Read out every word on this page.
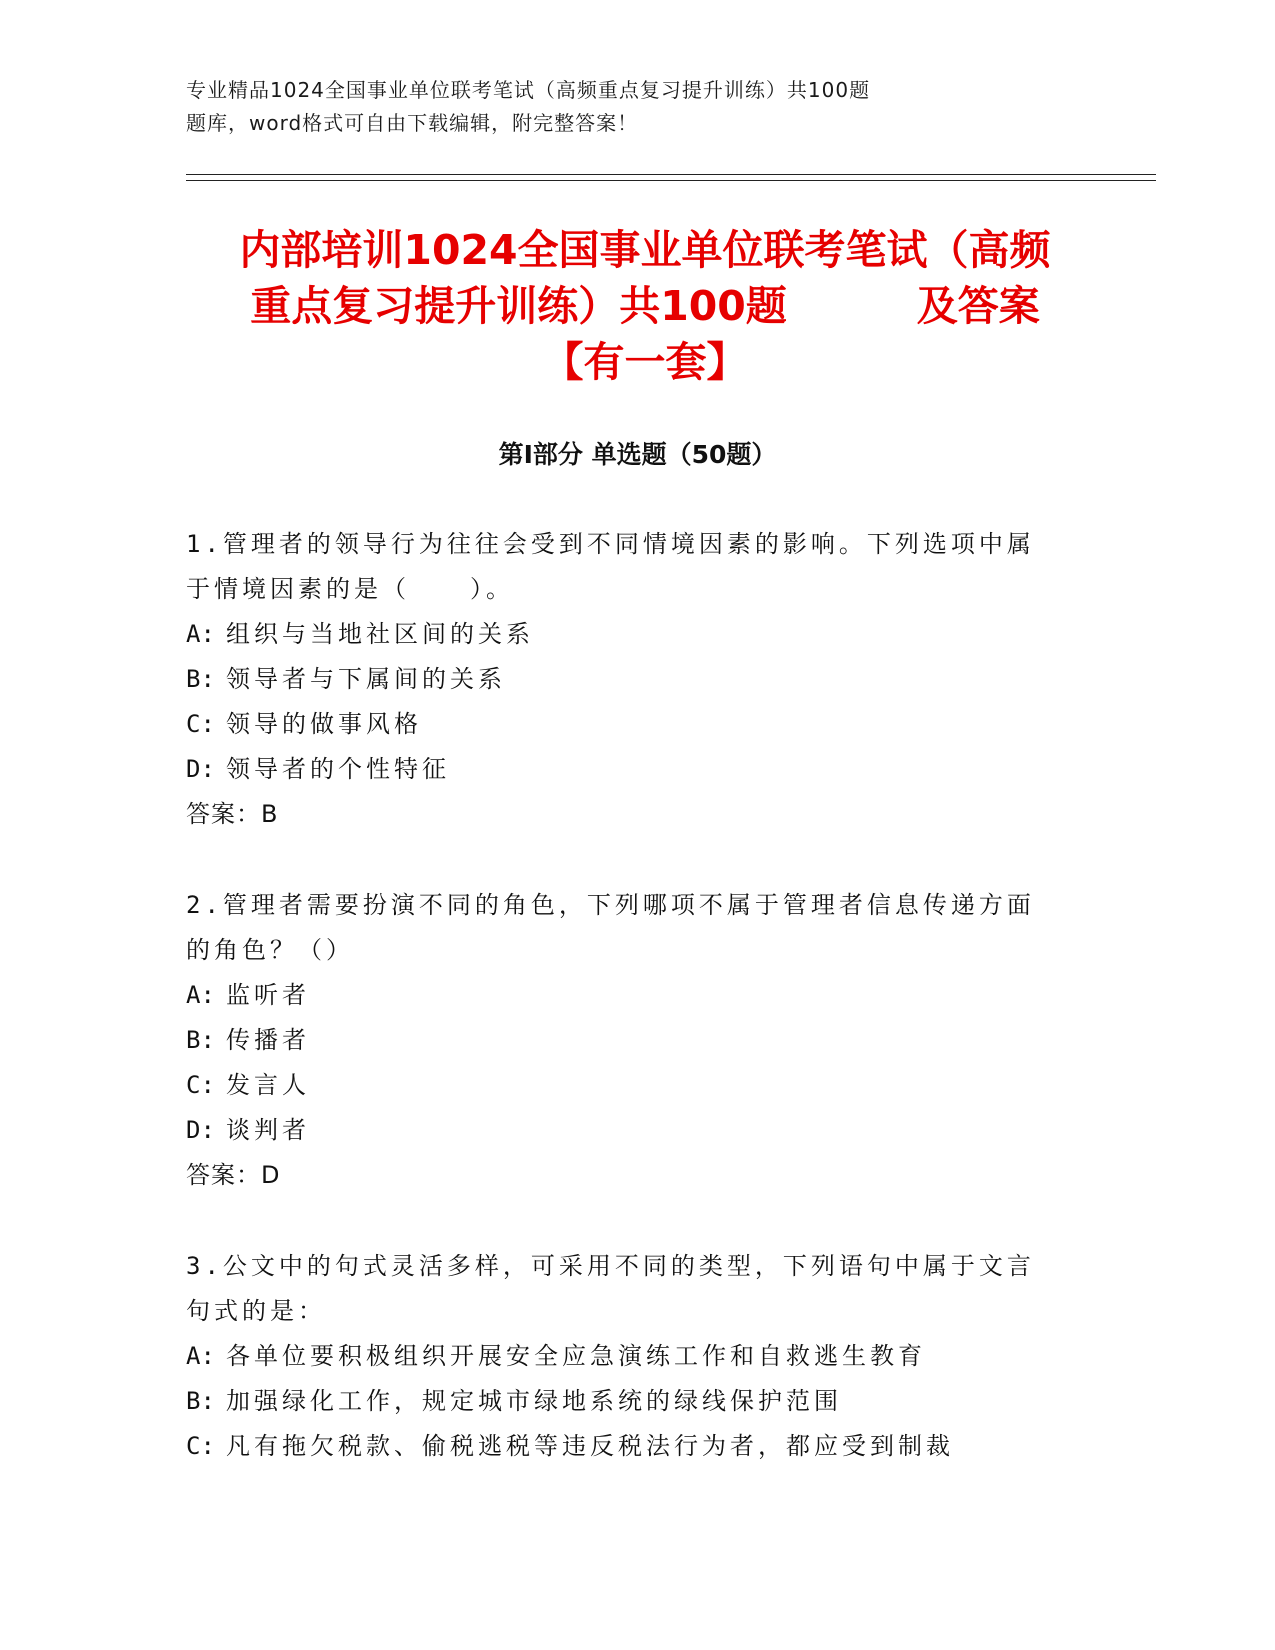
专业精品1024全国事业单位联考笔试（高频重点复习提升训练）共100题
题库，word格式可自由下载编辑，附完整答案！
内部培训1024全国事业单位联考笔试（高频
重点复习提升训练）共100题	及答案
【有一套】
第Ⅰ部分 单选题（50题）
1.管理者的领导行为往往会受到不同情境因素的影响。下列选项中属
于情境因素的是（	）。
A: 组织与当地社区间的关系
B: 领导者与下属间的关系
C: 领导的做事风格
D: 领导者的个性特征
答案：B
2.管理者需要扮演不同的角色，下列哪项不属于管理者信息传递方面
的角色？（）
A: 监听者
B: 传播者
C: 发言人
D: 谈判者
答案：D
3.公文中的句式灵活多样，可采用不同的类型，下列语句中属于文言
句式的是：
A: 各单位要积极组织开展安全应急演练工作和自救逃生教育
B: 加强绿化工作，规定城市绿地系统的绿线保护范围
C: 凡有拖欠税款、偷税逃税等违反税法行为者，都应受到制裁
